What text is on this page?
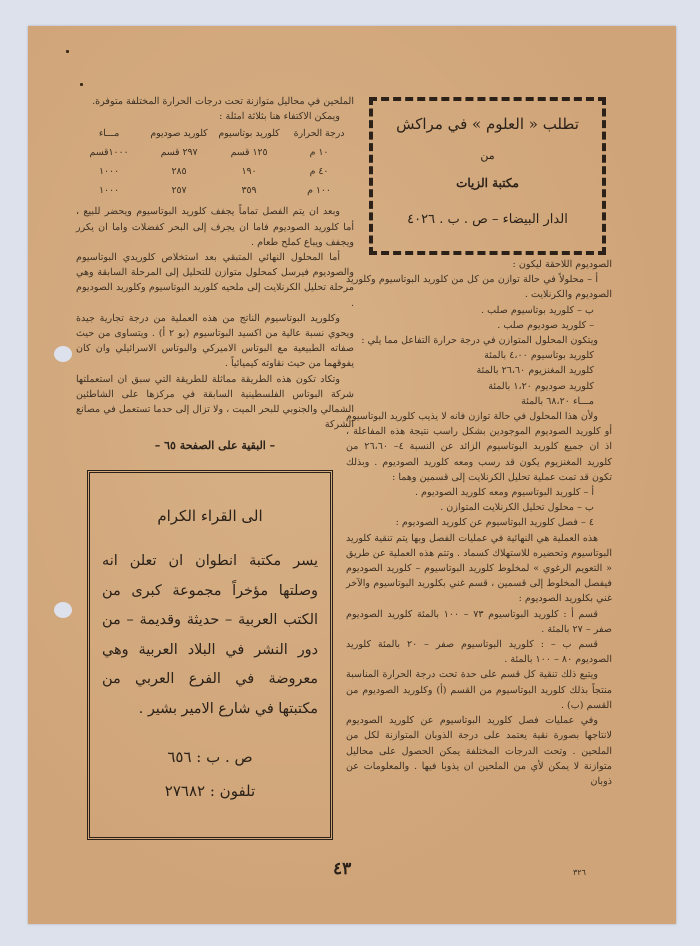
تطلب « العلوم » في مراكش
من
مكتبة الزيات
الدار البيضاء – ص . ب . ٤٠٢٦

الملحين في محاليل متوازنة تحت درجات الحرارة المختلفة متوفرة.

ويمكن الاكتفاء هنا بثلاثة امثلة :

درجة الحرارة
كلوريد بوتاسيوم
كلوريد صوديوم
مـــاء
١٠ م
١٢٥ قسم
٢٩٧ قسم
١٠٠٠قسم
٤٠ م
١٩٠
٢٨٥
١٠٠٠
١٠٠ م
٣٥٩
٢٥٧
١٠٠٠

وبعد ان يتم الفصل تماماً يجفف كلوريد البوتاسيوم ويحضر للبيع ، أما كلوريد الصوديوم فاما ان يجرف إلى البحر كفضلات واما ان يكرر ويجفف ويباع كملح طعام .

أما المحلول النهائي المتبقي بعد استخلاص كلوريدي البوتاسيوم والصوديوم فيرسل كمحلول متوازن للتحليل إلى المرحلة السابقة وهي مرحلة تحليل الكرنلايت إلى ملحيه كلوريد البوتاسيوم وكلوريد الصوديوم .

وكلوريد البوتاسيوم الناتج من هذه العملية من درجة تجارية جيدة ويحوي نسبة عالية من اكسيد البوتاسيوم (بو ٢ أ) . ويتساوى من حيث صفاته الطبيعية مع البوتاس الاميركي والبوتاس الاسرائيلي وان كان يفوقهما من حيث نقاوته كيميائياً .

وتكاد تكون هذه الطريقة مماثلة للطريقة التي سبق ان استعملتها شركة البوتاس الفلسطينية السابقة في مركزها على الشاطئين الشمالي والجنوبي للبحر الميت ، ولا تزال إلى حدما تستعمل في مصانع الشركة

– البقية على الصفحة ٦٥ –
الى القراء الكرام
يسر مكتبة انطوان ان تعلن انه وصلتها مؤخراً مجموعة كبرى من الكتب العربية – حديثة وقديمة – من دور النشر في البلاد العربية وهي معروضة في الفرع العربي من مكتبتها في شارع الامير بشير .
ص . ب : ٦٥٦
تلفون : ٢٧٦٨٢

الصوديوم اللاحقة ليكون :

أ – محلولاً في حالة توازن من كل من كلوريد البوتاسيوم وكلوريد الصوديوم والكرنلايت .

ب – كلوريد بوتاسيوم صلب .

– كلوريد صوديوم صلب .

ويتكون المحلول المتوازن في درجة حرارة التفاعل مما يلي :

كلوريد بوتاسيوم ٤،٠٠ بالمئة

كلوريد المغنزيوم ٢٦،٦٠ بالمئة

كلوريد صوديوم ١،٢٠ بالمئة

مـــاء ٦٨،٢٠ بالمئة

ولأن هذا المحلول في حالة توازن فانه لا يذيب كلوريد البوتاسيوم أو كلوريد الصوديوم الموجودين بشكل راسب نتيجة هذه المفاعلة ، اذ ان جميع كلوريد البوتاسيوم الزائد عن النسبة ٤– ٢٦،٦٠ من كلوريد المغنزيوم يكون قد رسب ومعه كلوريد الصوديوم . وبذلك تكون قد تمت عملية تحليل الكرنلايت إلى قسمين وهما :

أ – كلوريد البوتاسيوم ومعه كلوريد الصوديوم .

ب – محلول تحليل الكرنلايت المتوازن .

٤ – فصل كلوريد البوتاسيوم عن كلوريد الصوديوم :

هذه العملية هي النهائية في عمليات الفصل وبها يتم تنقية كلوريد البوتاسيوم وتحضيره للاستهلاك كسماد . وتتم هذه العملية عن طريق « التعويم الرغوي » لمخلوط كلوريد البوتاسيوم – كلوريد الصوديوم فيفصل المخلوط إلى قسمين ، قسم غني بكلوريد البوتاسيوم والآخر غني بكلوريد الصوديوم :

قسم أ : كلوريد البوتاسيوم ٧٣ – ١٠٠ بالمئة كلوريد الصوديوم صفر – ٢٧ بالمئة .

قسم ب – : كلوريد البوتاسيوم صفر – ٢٠ بالمئة كلوريد الصوديوم ٨٠ – ١٠٠ بالمئة .

ويتبع ذلك تنقية كل قسم على حدة تحت درجة الحرارة المناسبة منتجاً بذلك كلوريد البوتاسيوم من القسم (أ) وكلوريد الصوديوم من القسم (ب) .

وفي عمليات فصل كلوريد البوتاسيوم عن كلوريد الصوديوم لانتاجها بصورة نقية يعتمد على درجة الذوبان المتوازنة لكل من الملحين . وتحت الدرجات المختلفة يمكن الحصول على محاليل متوازنة لا يمكن لأي من الملحين ان يذوبا فيها . والمعلومات عن ذوبان

٤٣	٣٢٦
